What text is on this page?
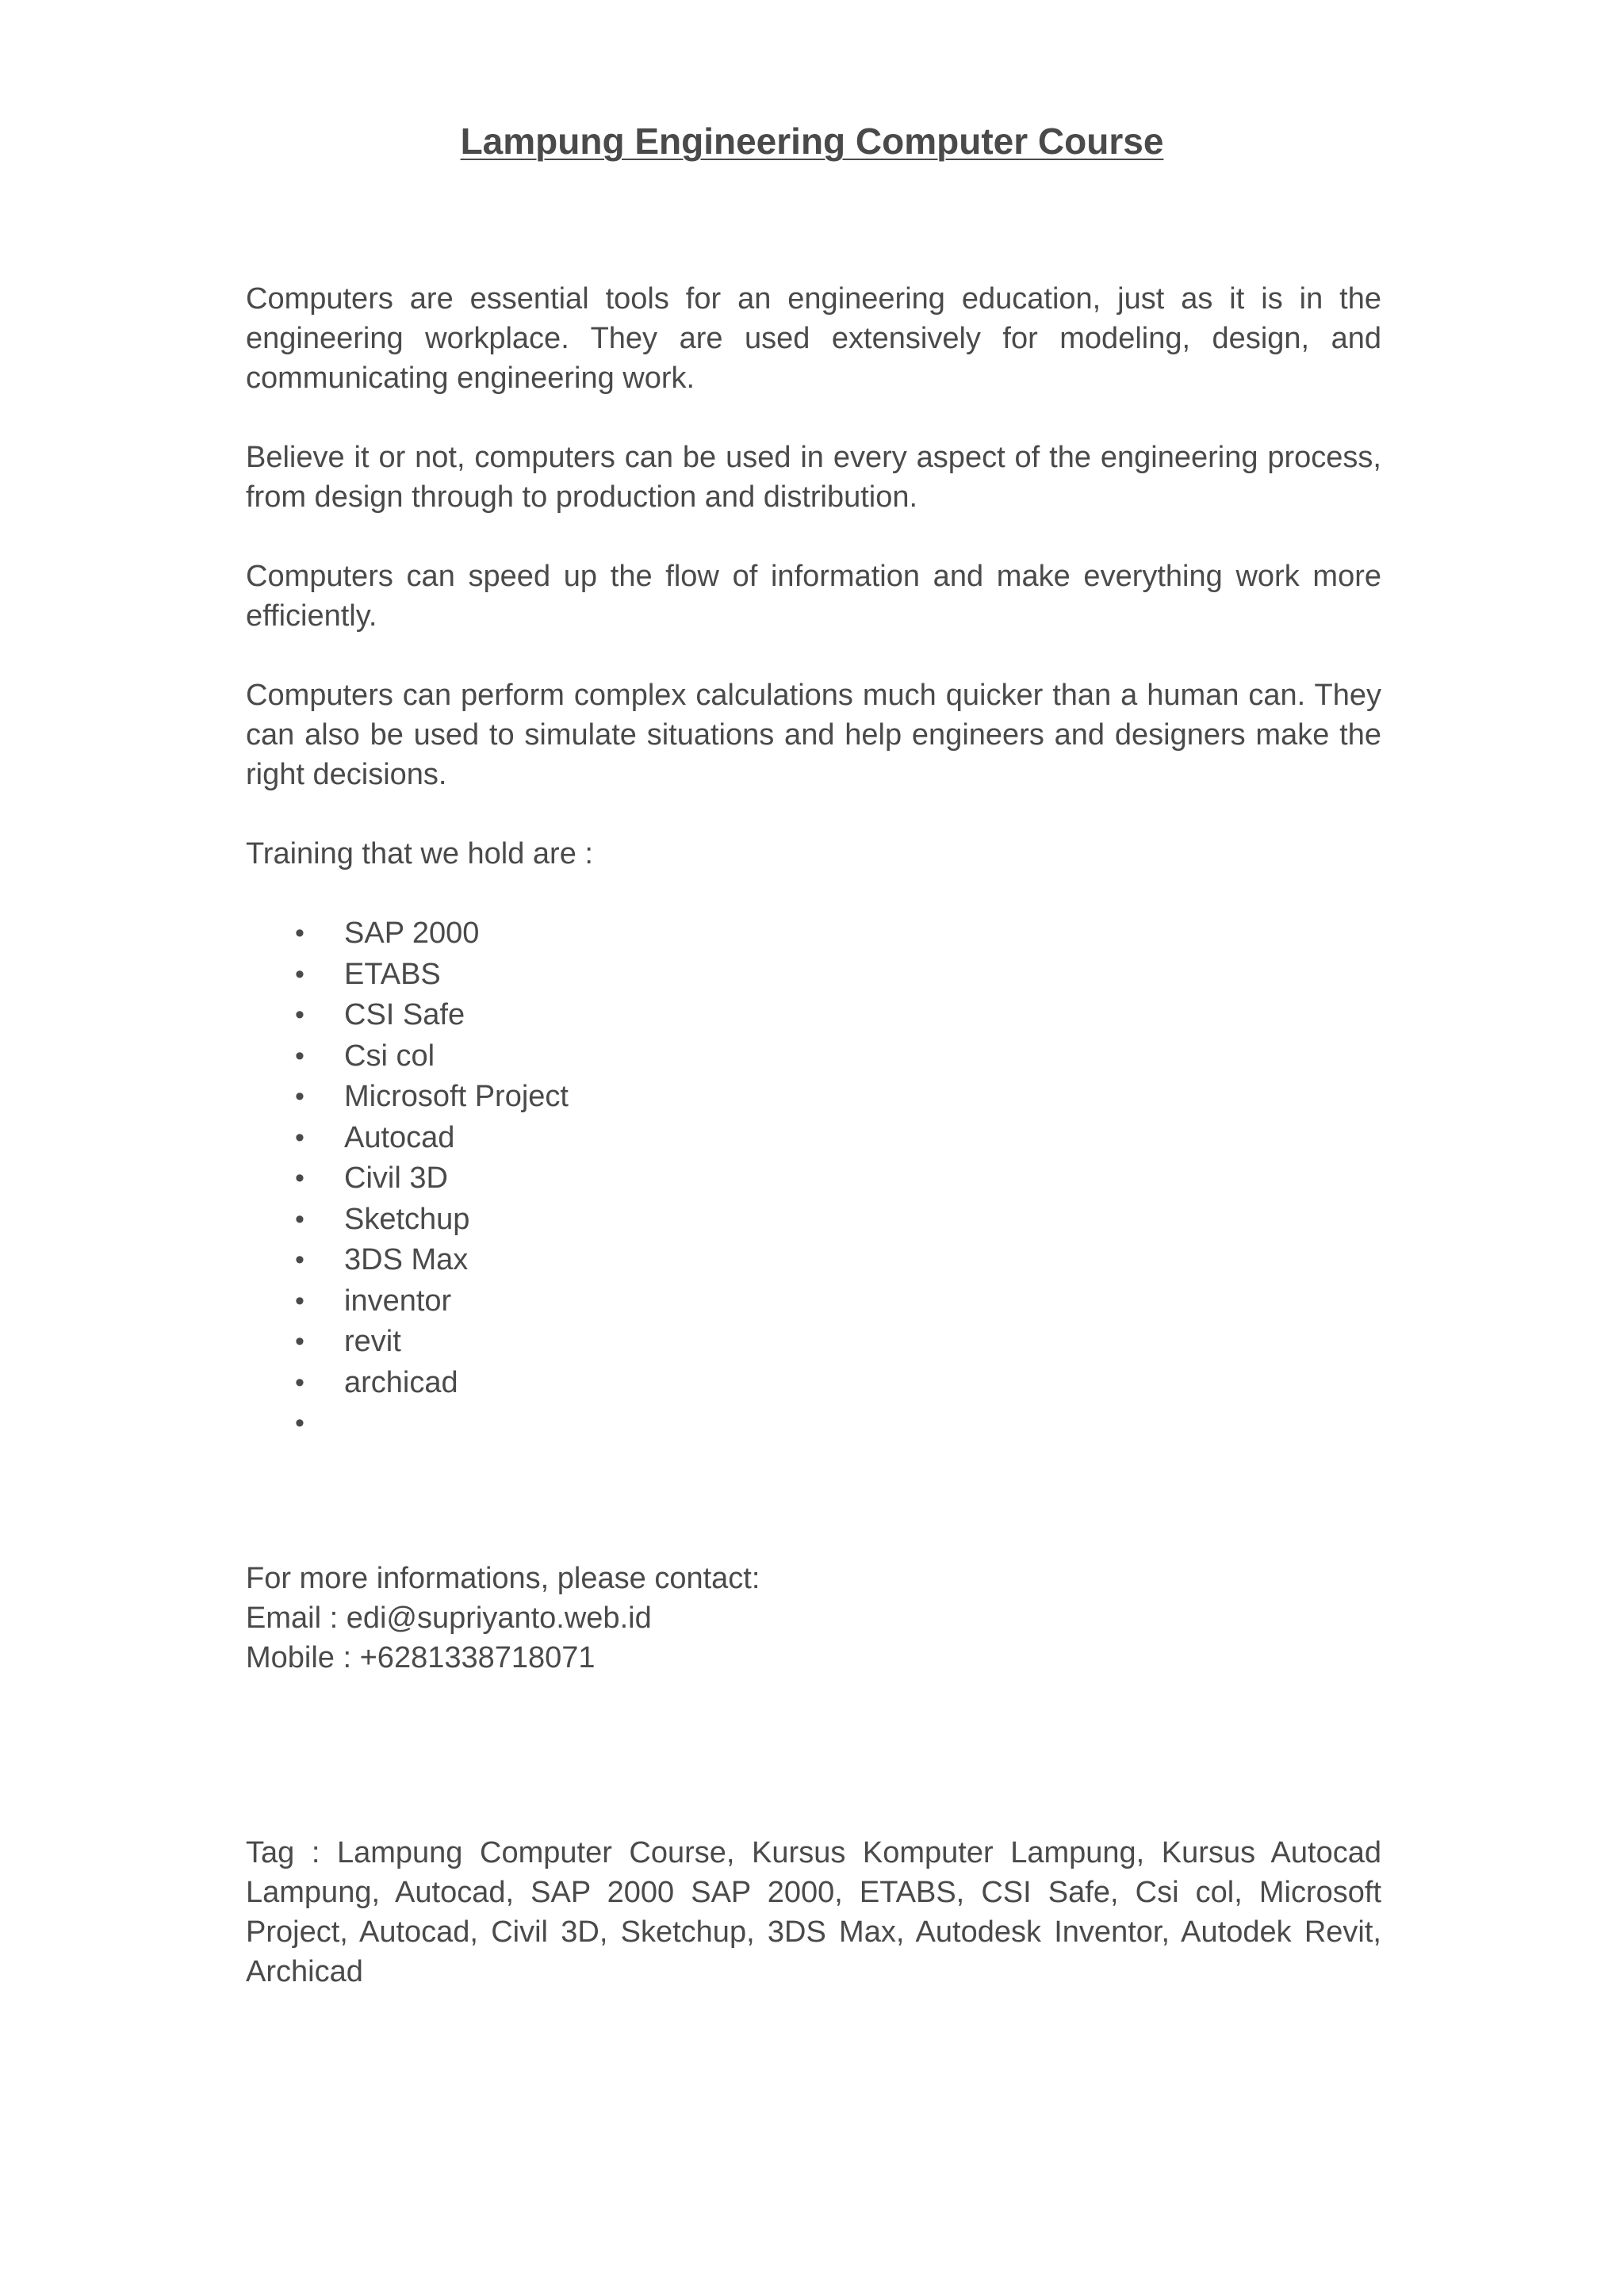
Lampung Engineering Computer Course

Computers are essential tools for an engineering education, just as it is in the engineering workplace. They are used extensively for modeling, design, and communicating engineering work.

Believe it or not, computers can be used in every aspect of the engineering process, from design through to production and distribution.

Computers can speed up the flow of information and make everything work more efficiently.

Computers can perform complex calculations much quicker than a human can. They can also be used to simulate situations and help engineers and designers make the right decisions.

Training that we hold are :

• SAP 2000
• ETABS
• CSI Safe
• Csi col
• Microsoft Project
• Autocad
• Civil 3D
• Sketchup
• 3DS Max
• inventor
• revit
• archicad
•
For more informations, please contact:
Email : edi@supriyanto.web.id
Mobile : +6281338718071

Tag : Lampung Computer Course, Kursus Komputer Lampung, Kursus Autocad Lampung, Autocad, SAP 2000 SAP 2000, ETABS, CSI Safe, Csi col, Microsoft Project, Autocad, Civil 3D, Sketchup, 3DS Max, Autodesk Inventor, Autodek Revit, Archicad
